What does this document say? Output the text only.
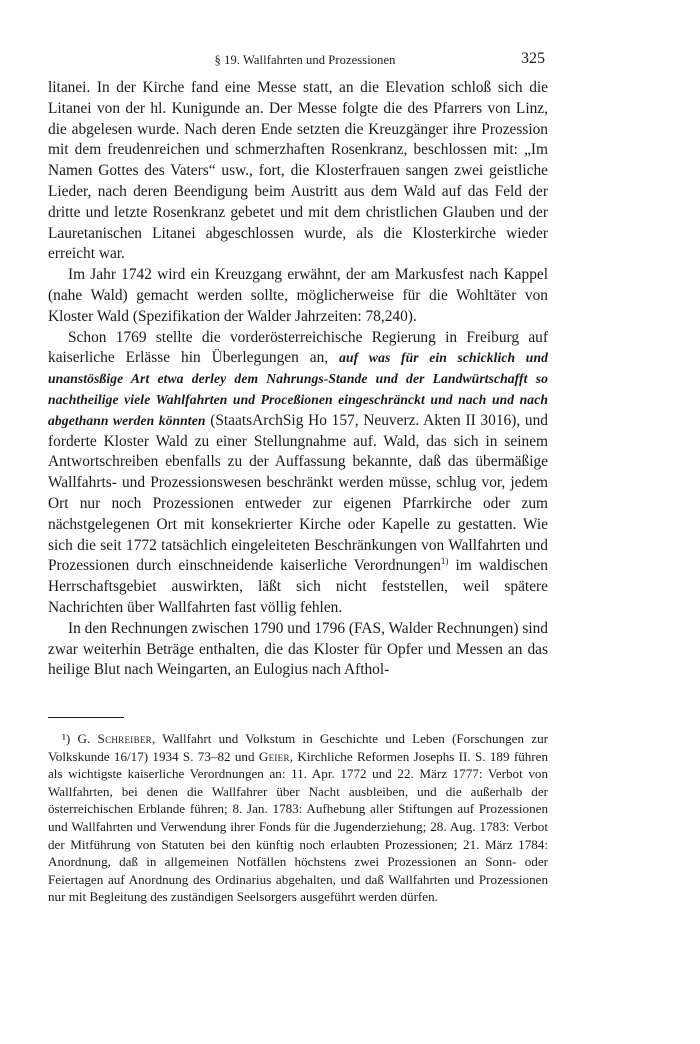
§ 19. Wallfahrten und Prozessionen	325

litanei. In der Kirche fand eine Messe statt, an die Elevation schloß sich die Litanei von der hl. Kunigunde an. Der Messe folgte die des Pfarrers von Linz, die abgelesen wurde. Nach deren Ende setzten die Kreuzgänger ihre Prozession mit dem freudenreichen und schmerzhaften Rosenkranz, beschlossen mit: „Im Namen Gottes des Vaters“ usw., fort, die Klosterfrauen sangen zwei geistliche Lieder, nach deren Beendigung beim Austritt aus dem Wald auf das Feld der dritte und letzte Rosenkranz gebetet und mit dem christlichen Glauben und der Lauretanischen Litanei abgeschlossen wurde, als die Klosterkirche wieder erreicht war.

Im Jahr 1742 wird ein Kreuzgang erwähnt, der am Markusfest nach Kappel (nahe Wald) gemacht werden sollte, möglicherweise für die Wohltäter von Kloster Wald (Spezifikation der Walder Jahrzeiten: 78,240).

Schon 1769 stellte die vorderösterreichische Regierung in Freiburg auf kaiserliche Erlässe hin Überlegungen an, auf was für ein schicklich und unanstösßige Art etwa derley dem Nahrungs-Stande und der Landwürtschafft so nachtheilige viele Wahlfahrten und Proceßionen eingeschränckt und nach und nach abgethann werden könnten (StaatsArchSig Ho 157, Neuverz. Akten II 3016), und forderte Kloster Wald zu einer Stellungnahme auf. Wald, das sich in seinem Antwortschreiben ebenfalls zu der Auffassung bekannte, daß das übermäßige Wallfahrts- und Prozessionswesen beschränkt werden müsse, schlug vor, jedem Ort nur noch Prozessionen entweder zur eigenen Pfarrkirche oder zum nächstgelegenen Ort mit konsekrierter Kirche oder Kapelle zu gestatten. Wie sich die seit 1772 tatsächlich eingeleiteten Beschränkungen von Wallfahrten und Prozessionen durch einschneidende kaiserliche Verordnungen$^{1)}$ im waldischen Herrschaftsgebiet auswirkten, läßt sich nicht feststellen, weil spätere Nachrichten über Wallfahrten fast völlig fehlen.

In den Rechnungen zwischen 1790 und 1796 (FAS, Walder Rechnungen) sind zwar weiterhin Beträge enthalten, die das Kloster für Opfer und Messen an das heilige Blut nach Weingarten, an Eulogius nach Afthol-

¹) G. Schreiber, Wallfahrt und Volkstum in Geschichte und Leben (Forschungen zur Volkskunde 16/17) 1934 S. 73–82 und Geier, Kirchliche Reformen Josephs II. S. 189 führen als wichtigste kaiserliche Verordnungen an: 11. Apr. 1772 und 22. März 1777: Verbot von Wallfahrten, bei denen die Wallfahrer über Nacht ausbleiben, und die außerhalb der österreichischen Erblande führen; 8. Jan. 1783: Aufhebung aller Stiftungen auf Prozessionen und Wallfahrten und Verwendung ihrer Fonds für die Jugenderziehung; 28. Aug. 1783: Verbot der Mitführung von Statuten bei den künftig noch erlaubten Prozessionen; 21. März 1784: Anordnung, daß in allgemeinen Notfällen höchstens zwei Prozessionen an Sonn- oder Feiertagen auf Anordnung des Ordinarius abgehalten, und daß Wallfahrten und Prozessionen nur mit Begleitung des zuständigen Seelsorgers ausgeführt werden dürfen.
